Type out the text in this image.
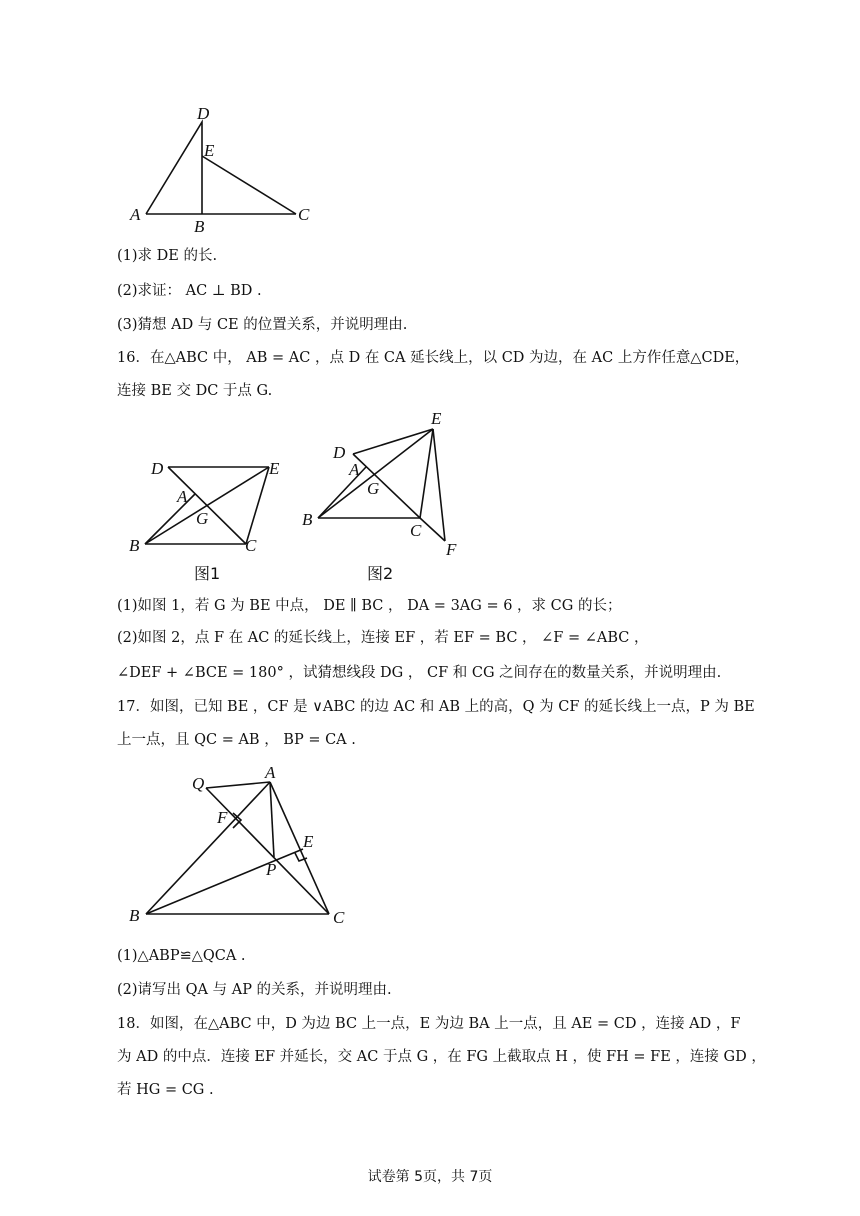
D
E
A
B
C
(1)求 DE 的长.
(2)求证： AC ⊥ BD .
(3)猜想 AD 与 CE 的位置关系，并说明理由.
16．在△ABC 中， AB = AC ，点 D 在 CA 延长线上，以 CD 为边，在 AC 上方作任意△CDE，
连接 BE 交 DC 于点 G.
D	E
A
G
B	C
图1
D
E
A
G
B
C
F
图2
(1)如图 1，若 G 为 BE 中点， DE ∥ BC ， DA = 3AG = 6 ，求 CG 的长；
(2)如图 2，点 F 在 AC 的延长线上，连接 EF ，若 EF = BC ， ∠F = ∠ABC ，
∠DEF + ∠BCE = 180° ，试猜想线段 DG ， CF 和 CG 之间存在的数量关系，并说明理由.
17．如图，已知 BE ，CF 是 ∨ABC 的边 AC 和 AB 上的高，Q 为 CF 的延长线上一点，P 为 BE
上一点，且 QC = AB ， BP = CA .
Q
A
F
E
P
B	C
(1)△ABP≌△QCA .
(2)请写出 QA 与 AP 的关系，并说明理由.
18．如图，在△ABC 中，D 为边 BC 上一点，E 为边 BA 上一点，且 AE = CD ，连接 AD ，F
为 AD 的中点．连接 EF 并延长，交 AC 于点 G ，在 FG 上截取点 H ，使 FH = FE ，连接 GD ，
若 HG = CG .
试卷第 5页，共 7页
